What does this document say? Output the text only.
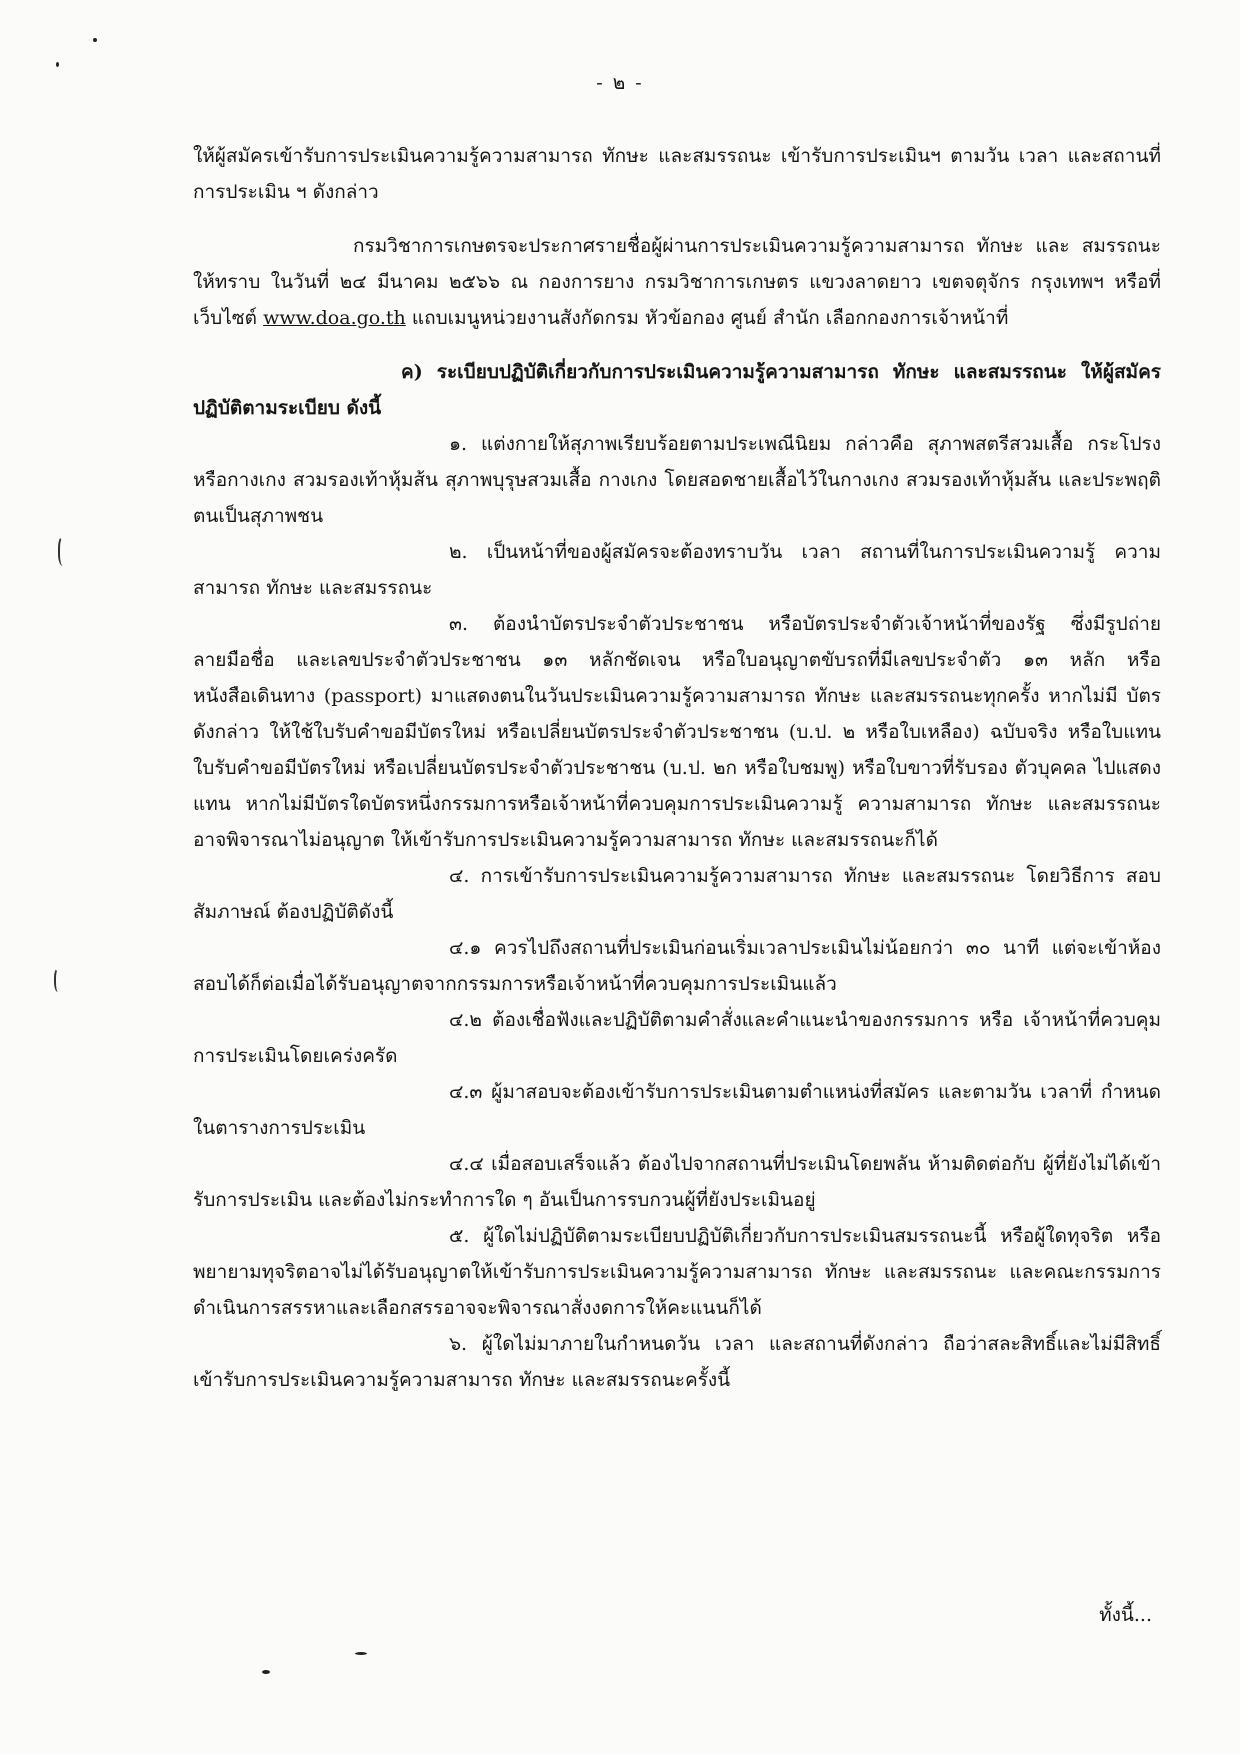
- ๒ -

ให้ผู้สมัครเข้ารับการประเมินความรู้ความสามารถ ทักษะ และสมรรถนะ เข้ารับการประเมินฯ ตามวัน เวลา และสถานที่การประเมิน ฯ ดังกล่าว

กรมวิชาการเกษตรจะประกาศรายชื่อผู้ผ่านการประเมินความรู้ความสามารถ ทักษะ และ สมรรถนะ ให้ทราบ ในวันที่ ๒๔ มีนาคม ๒๕๖๖ ณ กองการยาง กรมวิชาการเกษตร แขวงลาดยาว เขตจตุจักร กรุงเทพฯ หรือที่เว็บไซต์ www.doa.go.th แถบเมนูหน่วยงานสังกัดกรม หัวข้อกอง ศูนย์ สำนัก เลือกกองการเจ้าหน้าที่

ค) ระเบียบปฏิบัติเกี่ยวกับการประเมินความรู้ความสามารถ ทักษะ และสมรรถนะ ให้ผู้สมัคร ปฏิบัติตามระเบียบ ดังนี้

๑. แต่งกายให้สุภาพเรียบร้อยตามประเพณีนิยม กล่าวคือ สุภาพสตรีสวมเสื้อ กระโปรง หรือกางเกง สวมรองเท้าหุ้มส้น สุภาพบุรุษสวมเสื้อ กางเกง โดยสอดชายเสื้อไว้ในกางเกง สวมรองเท้าหุ้มส้น และประพฤติตนเป็นสุภาพชน

๒. เป็นหน้าที่ของผู้สมัครจะต้องทราบวัน เวลา สถานที่ในการประเมินความรู้ ความสามารถ ทักษะ และสมรรถนะ

๓. ต้องนำบัตรประจำตัวประชาชน หรือบัตรประจำตัวเจ้าหน้าที่ของรัฐ ซึ่งมีรูปถ่าย ลายมือชื่อ และเลขประจำตัวประชาชน ๑๓ หลักชัดเจน หรือใบอนุญาตขับรถที่มีเลขประจำตัว ๑๓ หลัก หรือ หนังสือเดินทาง (passport) มาแสดงตนในวันประเมินความรู้ความสามารถ ทักษะ และสมรรถนะทุกครั้ง หากไม่มี บัตรดังกล่าว ให้ใช้ใบรับคำขอมีบัตรใหม่ หรือเปลี่ยนบัตรประจำตัวประชาชน (บ.ป. ๒ หรือใบเหลือง) ฉบับจริง หรือใบแทนใบรับคำขอมีบัตรใหม่ หรือเปลี่ยนบัตรประจำตัวประชาชน (บ.ป. ๒ก หรือใบชมพู) หรือใบขาวที่รับรอง ตัวบุคคล ไปแสดงแทน หากไม่มีบัตรใดบัตรหนึ่งกรรมการหรือเจ้าหน้าที่ควบคุมการประเมินความรู้ ความสามารถ ทักษะ และสมรรถนะ อาจพิจารณาไม่อนุญาต ให้เข้ารับการประเมินความรู้ความสามารถ ทักษะ และสมรรถนะก็ได้

๔. การเข้ารับการประเมินความรู้ความสามารถ ทักษะ และสมรรถนะ โดยวิธีการ สอบสัมภาษณ์ ต้องปฏิบัติดังนี้

๔.๑ ควรไปถึงสถานที่ประเมินก่อนเริ่มเวลาประเมินไม่น้อยกว่า ๓๐ นาที แต่จะเข้าห้องสอบได้ก็ต่อเมื่อได้รับอนุญาตจากกรรมการหรือเจ้าหน้าที่ควบคุมการประเมินแล้ว

๔.๒ ต้องเชื่อฟังและปฏิบัติตามคำสั่งและคำแนะนำของกรรมการ หรือ เจ้าหน้าที่ควบคุมการประเมินโดยเคร่งครัด

๔.๓ ผู้มาสอบจะต้องเข้ารับการประเมินตามตำแหน่งที่สมัคร และตามวัน เวลาที่ กำหนดในตารางการประเมิน

๔.๔ เมื่อสอบเสร็จแล้ว ต้องไปจากสถานที่ประเมินโดยพลัน ห้ามติดต่อกับ ผู้ที่ยังไม่ได้เข้ารับการประเมิน และต้องไม่กระทำการใด ๆ อันเป็นการรบกวนผู้ที่ยังประเมินอยู่

๕. ผู้ใดไม่ปฏิบัติตามระเบียบปฏิบัติเกี่ยวกับการประเมินสมรรถนะนี้ หรือผู้ใดทุจริต หรือพยายามทุจริตอาจไม่ได้รับอนุญาตให้เข้ารับการประเมินความรู้ความสามารถ ทักษะ และสมรรถนะ และคณะกรรมการดำเนินการสรรหาและเลือกสรรอาจจะพิจารณาสั่งงดการให้คะแนนก็ได้

๖. ผู้ใดไม่มาภายในกำหนดวัน เวลา และสถานที่ดังกล่าว ถือว่าสละสิทธิ์และไม่มีสิทธิ์ เข้ารับการประเมินความรู้ความสามารถ ทักษะ และสมรรถนะครั้งนี้

ทั้งนี้...
